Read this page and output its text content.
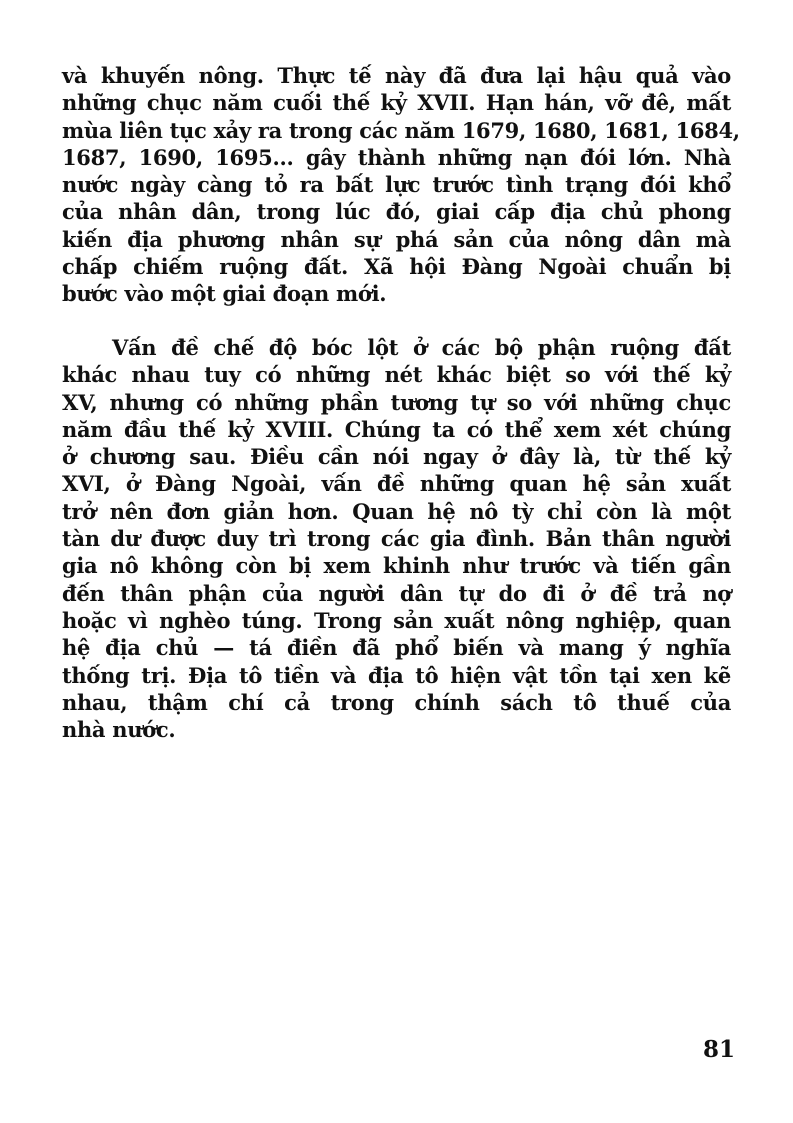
và khuyến nông. Thực tế này đã đưa lại hậu quả vào
những chục năm cuối thế kỷ XVII. Hạn hán, vỡ đê, mất
mùa liên tục xảy ra trong các năm 1679, 1680, 1681, 1684,
1687, 1690, 1695... gây thành những nạn đói lớn. Nhà
nước ngày càng tỏ ra bất lực trước tình trạng đói khổ
của nhân dân, trong lúc đó, giai cấp địa chủ phong
kiến địa phương nhân sự phá sản của nông dân mà
chấp chiếm ruộng đất. Xã hội Đàng Ngoài chuẩn bị
bước vào một giai đoạn mới.
Vấn đề chế độ bóc lột ở các bộ phận ruộng đất
khác nhau tuy có những nét khác biệt so với thế kỷ
XV, nhưng có những phần tương tự so với những chục
năm đầu thế kỷ XVIII. Chúng ta có thể xem xét chúng
ở chương sau. Điều cần nói ngay ở đây là, từ thế kỷ
XVI, ở Đàng Ngoài, vấn đề những quan hệ sản xuất
trở nên đơn giản hơn. Quan hệ nô tỳ chỉ còn là một
tàn dư được duy trì trong các gia đình. Bản thân người
gia nô không còn bị xem khinh như trước và tiến gần
đến thân phận của người dân tự do đi ở đề trả nợ
hoặc vì nghèo túng. Trong sản xuất nông nghiệp, quan
hệ địa chủ — tá điền đã phổ biến và mang ý nghĩa
thống trị. Địa tô tiền và địa tô hiện vật tồn tại xen kẽ
nhau, thậm chí cả trong chính sách tô thuế của
nhà nước.
81
